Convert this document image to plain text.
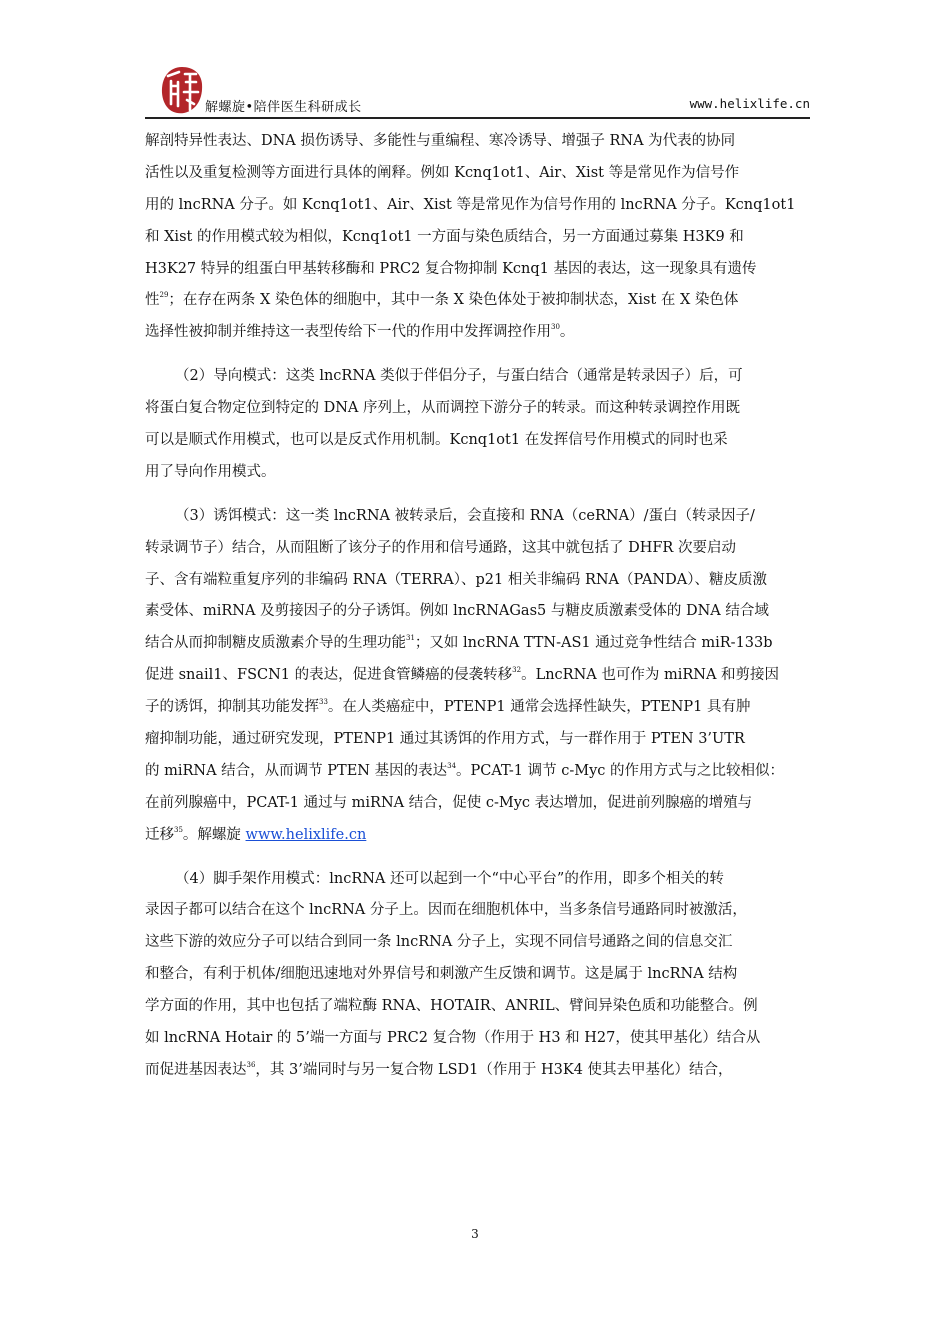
解螺旋•陪伴医生科研成长	www.helixlife.cn
解剖特异性表达、DNA 损伤诱导、多能性与重编程、寒冷诱导、增强子 RNA 为代表的协同
活性以及重复检测等方面进行具体的阐释。例如 Kcnq1ot1、Air、Xist 等是常见作为信号作
用的 lncRNA 分子。如 Kcnq1ot1、Air、Xist 等是常见作为信号作用的 lncRNA 分子。Kcnq1ot1
和 Xist 的作用模式较为相似，Kcnq1ot1 一方面与染色质结合，另一方面通过募集 H3K9 和
H3K27 特异的组蛋白甲基转移酶和 PRC2 复合物抑制 Kcnq1 基因的表达，这一现象具有遗传
性$^{29}$；在存在两条 X 染色体的细胞中，其中一条 X 染色体处于被抑制状态，Xist 在 X 染色体
选择性被抑制并维持这一表型传给下一代的作用中发挥调控作用$^{30}$。
（2）导向模式：这类 lncRNA 类似于伴侣分子，与蛋白结合（通常是转录因子）后，可
将蛋白复合物定位到特定的 DNA 序列上，从而调控下游分子的转录。而这种转录调控作用既
可以是顺式作用模式，也可以是反式作用机制。Kcnq1ot1 在发挥信号作用模式的同时也采
用了导向作用模式。
（3）诱饵模式：这一类 lncRNA 被转录后，会直接和 RNA（ceRNA）/蛋白（转录因子/
转录调节子）结合，从而阻断了该分子的作用和信号通路，这其中就包括了 DHFR 次要启动
子、含有端粒重复序列的非编码 RNA（TERRA）、p21 相关非编码 RNA（PANDA）、糖皮质激
素受体、miRNA 及剪接因子的分子诱饵。例如 lncRNAGas5 与糖皮质激素受体的 DNA 结合域
结合从而抑制糖皮质激素介导的生理功能$^{31}$；又如 lncRNA TTN-AS1 通过竞争性结合 miR-133b
促进 snail1、FSCN1 的表达，促进食管鳞癌的侵袭转移$^{32}$。LncRNA 也可作为 miRNA 和剪接因
子的诱饵，抑制其功能发挥$^{33}$。在人类癌症中，PTENP1 通常会选择性缺失，PTENP1 具有肿
瘤抑制功能，通过研究发现，PTENP1 通过其诱饵的作用方式，与一群作用于 PTEN 3’UTR
的 miRNA 结合，从而调节 PTEN 基因的表达$^{34}$。PCAT-1 调节 c-Myc 的作用方式与之比较相似：
在前列腺癌中，PCAT-1 通过与 miRNA 结合，促使 c-Myc 表达增加，促进前列腺癌的增殖与
迁移$^{35}$。解螺旋 www.helixlife.cn
（4）脚手架作用模式：lncRNA 还可以起到一个“中心平台”的作用，即多个相关的转
录因子都可以结合在这个 lncRNA 分子上。因而在细胞机体中，当多条信号通路同时被激活，
这些下游的效应分子可以结合到同一条 lncRNA 分子上，实现不同信号通路之间的信息交汇
和整合，有利于机体/细胞迅速地对外界信号和刺激产生反馈和调节。这是属于 lncRNA 结构
学方面的作用，其中也包括了端粒酶 RNA、HOTAIR、ANRIL、臂间异染色质和功能整合。例
如 lncRNA Hotair 的 5’端一方面与 PRC2 复合物（作用于 H3 和 H27，使其甲基化）结合从
而促进基因表达$^{36}$，其 3’端同时与另一复合物 LSD1（作用于 H3K4 使其去甲基化）结合，
3
